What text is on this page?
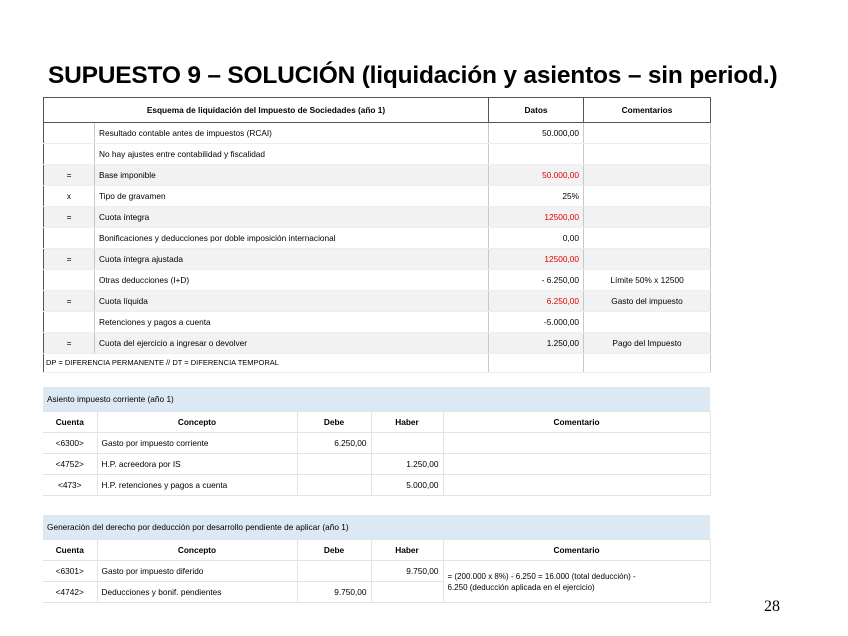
SUPUESTO 9 – SOLUCIÓN (liquidación y asientos – sin period.)
Esquema de liquidación del Impuesto de Sociedades (año 1)		Datos	Comentarios
	Resultado contable antes de impuestos (RCAI)	50.000,00	
	No hay ajustes entre contabilidad y fiscalidad		
=	Base imponible	50.000,00	
x	Tipo de gravamen	25%	
=	Cuota íntegra	12500,00	
	Bonificaciones y deducciones por doble imposición internacional	0,00	
=	Cuota íntegra ajustada	12500,00	
	Otras deducciones (I+D)	- 6.250,00	Límite 50% x 12500
=	Cuota líquida	6.250,00	Gasto del impuesto
	Retenciones y pagos a cuenta	-5.000,00	
=	Cuota del ejercicio a ingresar o devolver	1.250,00	Pago del Impuesto
DP = DIFERENCIA PERMANENTE // DT = DIFERENCIA TEMPORAL			
Asiento impuesto corriente (año 1)				
Cuenta	Concepto	Debe	Haber	Comentario
<6300>	Gasto por impuesto corriente	6.250,00		
<4752>	H.P. acreedora por IS		1.250,00	
<473>	H.P. retenciones y pagos a cuenta		5.000,00	
Generación del derecho por deducción por desarrollo pendiente de aplicar (año 1)				
Cuenta	Concepto	Debe	Haber	Comentario
<6301>	Gasto por impuesto diferido		9.750,00	= (200.000 x 8%) - 6.250 = 16.000 (total deducción) -
<4742>	Deducciones y bonif. pendientes	9.750,00		6.250 (deducción aplicada en el ejercicio)
28
